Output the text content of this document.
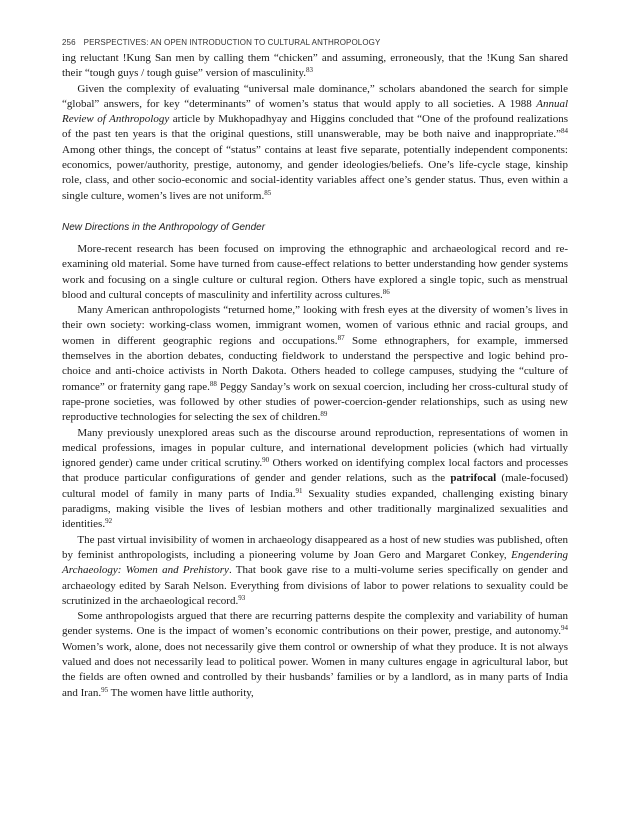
256 PERSPECTIVES: AN OPEN INTRODUCTION TO CULTURAL ANTHROPOLOGY

ing reluctant !Kung San men by calling them “chicken” and assuming, erroneously, that the !Kung San shared their “tough guys / tough guise” version of masculinity.$^{83}$

Given the complexity of evaluating “universal male dominance,” scholars abandoned the search for simple “global” answers, for key “determinants” of women’s status that would apply to all societies. A 1988 Annual Review of Anthropology article by Mukhopadhyay and Higgins concluded that “One of the profound realizations of the past ten years is that the original questions, still unanswerable, may be both naive and inappropriate.”$^{84}$ Among other things, the concept of “status” contains at least five separate, potentially independent components: economics, power/authority, prestige, autonomy, and gender ideologies/beliefs. One’s life-cycle stage, kinship role, class, and other socio-economic and social-identity variables affect one’s gender status. Thus, even within a single culture, women’s lives are not uniform.$^{85}$

New Directions in the Anthropology of Gender

More-recent research has been focused on improving the ethnographic and archaeological record and re-examining old material. Some have turned from cause-effect relations to better understanding how gender systems work and focusing on a single culture or cultural region. Others have explored a single topic, such as menstrual blood and cultural concepts of masculinity and infertility across cultures.$^{86}$

Many American anthropologists “returned home,” looking with fresh eyes at the diversity of women’s lives in their own society: working-class women, immigrant women, women of various ethnic and racial groups, and women in different geographic regions and occupations.$^{87}$ Some ethnographers, for example, immersed themselves in the abortion debates, conducting fieldwork to understand the perspective and logic behind pro-choice and anti-choice activists in North Dakota. Others headed to college campuses, studying the “culture of romance” or fraternity gang rape.$^{88}$ Peggy Sanday’s work on sexual coercion, including her cross-cultural study of rape-prone societies, was followed by other studies of power-coercion-gender relationships, such as using new reproductive technologies for selecting the sex of children.$^{89}$

Many previously unexplored areas such as the discourse around reproduction, representations of women in medical professions, images in popular culture, and international development policies (which had virtually ignored gender) came under critical scrutiny.$^{90}$ Others worked on identifying complex local factors and processes that produce particular configurations of gender and gender relations, such as the patrifocal (male-focused) cultural model of family in many parts of India.$^{91}$ Sexuality studies expanded, challenging existing binary paradigms, making visible the lives of lesbian mothers and other traditionally marginalized sexualities and identities.$^{92}$

The past virtual invisibility of women in archaeology disappeared as a host of new studies was published, often by feminist anthropologists, including a pioneering volume by Joan Gero and Margaret Conkey, Engendering Archaeology: Women and Prehistory. That book gave rise to a multi-volume series specifically on gender and archaeology edited by Sarah Nelson. Everything from divisions of labor to power relations to sexuality could be scrutinized in the archaeological record.$^{93}$

Some anthropologists argued that there are recurring patterns despite the complexity and variability of human gender systems. One is the impact of women’s economic contributions on their power, prestige, and autonomy.$^{94}$ Women’s work, alone, does not necessarily give them control or ownership of what they produce. It is not always valued and does not necessarily lead to political power. Women in many cultures engage in agricultural labor, but the fields are often owned and controlled by their husbands’ families or by a landlord, as in many parts of India and Iran.$^{95}$ The women have little authority,
